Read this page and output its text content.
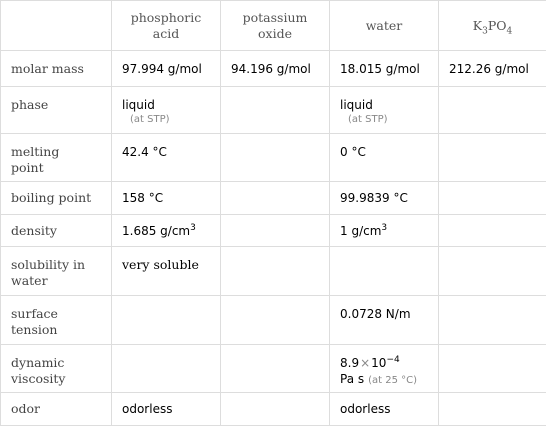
	phosphoric
acid	potassium
oxide	water	$K_3PO_4$
molar mass	97.994 g/mol	94.196 g/mol	18.015 g/mol	212.26 g/mol

phase	liquid
(at STP)		liquid
(at STP)	

melting
point	42.4 °C		0 °C	

boiling point	158 °C		99.9839 °C	
density	1.685 $g/cm^3$		1 $g/cm^3$	

solubility in
water	very soluble			

surface
tension			0.0728 N/m	

dynamic
viscosity			$8.9\times 10^{-4}$
Pa s (at 25 °C)	
odor	odorless		odorless	
